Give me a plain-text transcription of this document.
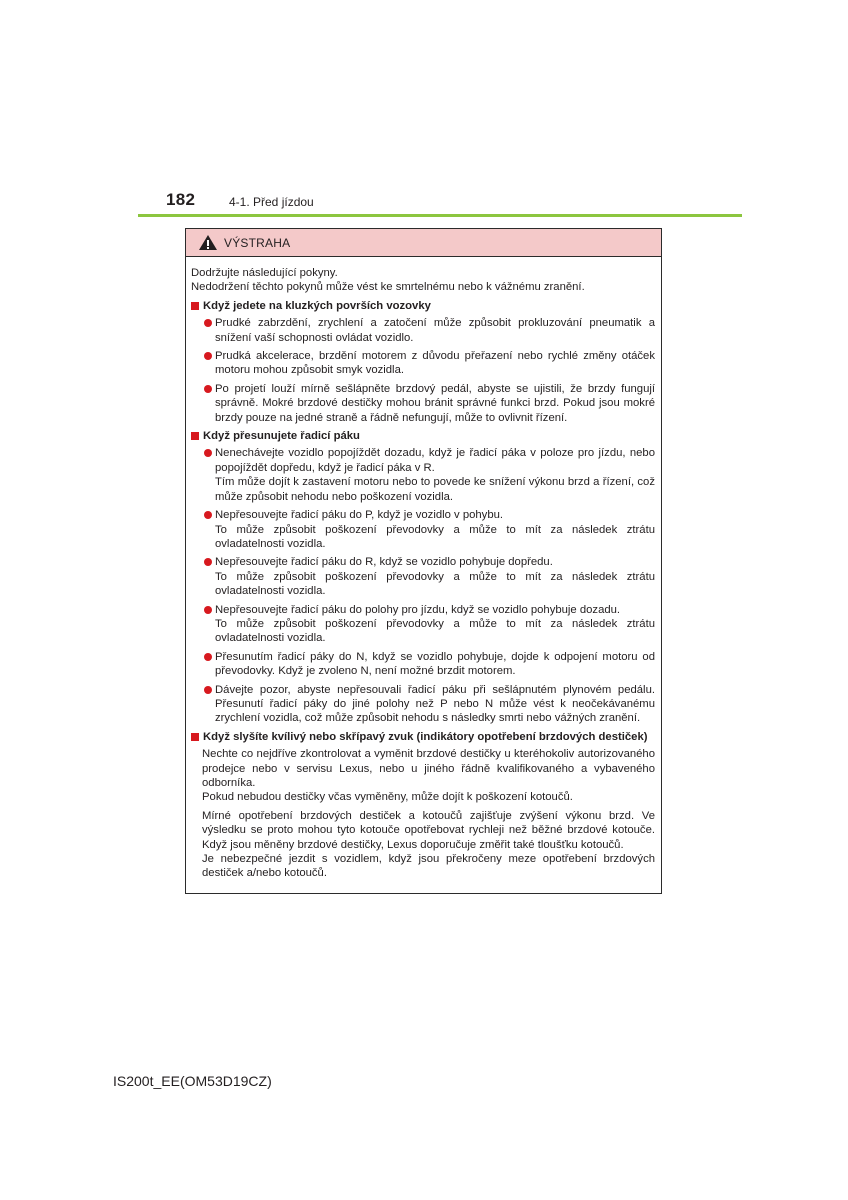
182	4-1. Před jízdou
VÝSTRAHA
Dodržujte následující pokyny.
Nedodržení těchto pokynů může vést ke smrtelnému nebo k vážnému zranění.
Když jedete na kluzkých površích vozovky
Prudké zabrzdění, zrychlení a zatočení může způsobit prokluzování pneumatik a snížení vaší schopnosti ovládat vozidlo.
Prudká akcelerace, brzdění motorem z důvodu přeřazení nebo rychlé změny otáček motoru mohou způsobit smyk vozidla.
Po projetí louží mírně sešlápněte brzdový pedál, abyste se ujistili, že brzdy fungují správně. Mokré brzdové destičky mohou bránit správné funkci brzd. Pokud jsou mokré brzdy pouze na jedné straně a řádně nefungují, může to ovlivnit řízení.
Když přesunujete řadicí páku
Nenechávejte vozidlo popojíždět dozadu, když je řadicí páka v poloze pro jízdu, nebo popojíždět dopředu, když je řadicí páka v R.
Tím může dojít k zastavení motoru nebo to povede ke snížení výkonu brzd a řízení, což může způsobit nehodu nebo poškození vozidla.
Nepřesouvejte řadicí páku do P, když je vozidlo v pohybu.
To může způsobit poškození převodovky a může to mít za následek ztrátu ovladatelnosti vozidla.
Nepřesouvejte řadicí páku do R, když se vozidlo pohybuje dopředu.
To může způsobit poškození převodovky a může to mít za následek ztrátu ovladatelnosti vozidla.
Nepřesouvejte řadicí páku do polohy pro jízdu, když se vozidlo pohybuje dozadu.
To může způsobit poškození převodovky a může to mít za následek ztrátu ovladatelnosti vozidla.
Přesunutím řadicí páky do N, když se vozidlo pohybuje, dojde k odpojení motoru od převodovky. Když je zvoleno N, není možné brzdit motorem.
Dávejte pozor, abyste nepřesouvali řadicí páku při sešlápnutém plynovém pedálu. Přesunutí řadicí páky do jiné polohy než P nebo N může vést k neočekávanému zrychlení vozidla, což může způsobit nehodu s následky smrti nebo vážných zranění.
Když slyšíte kvílivý nebo skřípavý zvuk (indikátory opotřebení brzdových destiček)
Nechte co nejdříve zkontrolovat a vyměnit brzdové destičky u kteréhokoliv autorizovaného prodejce nebo v servisu Lexus, nebo u jiného řádně kvalifikovaného a vybaveného odborníka.
Pokud nebudou destičky včas vyměněny, může dojít k poškození kotoučů.
Mírné opotřebení brzdových destiček a kotoučů zajišťuje zvýšení výkonu brzd. Ve výsledku se proto mohou tyto kotouče opotřebovat rychleji než běžné brzdové kotouče. Když jsou měněny brzdové destičky, Lexus doporučuje změřit také tloušťku kotoučů.
Je nebezpečné jezdit s vozidlem, když jsou překročeny meze opotřebení brzdových destiček a/nebo kotoučů.
IS200t_EE(OM53D19CZ)
